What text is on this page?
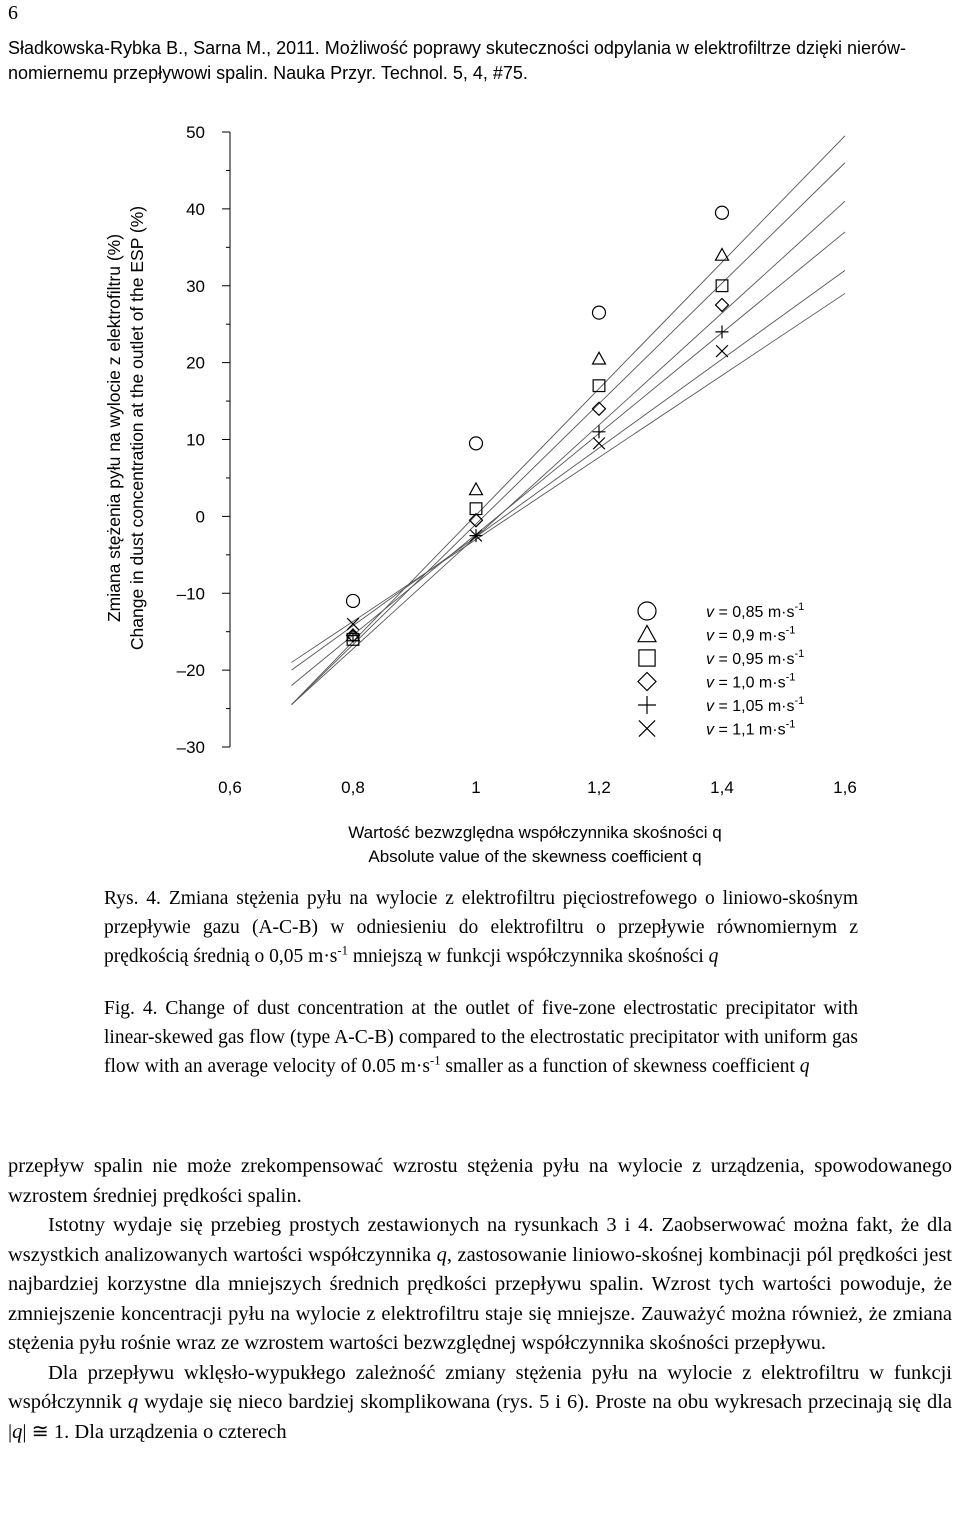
6
Sładkowska-Rybka B., Sarna M., 2011. Możliwość poprawy skuteczności odpylania w elektrofiltrze dzięki nierów-
nomiernemu przepływowi spalin. Nauka Przyr. Technol. 5, 4, #75.
Zmiana stężenia pyłu na wylocie z elektrofiltru (%) Change in dust concentration at the outlet of the ESP (%)
50
40
30
20
10
0
–10
–20
–30
0,6	0,8	1	1,2	1,4	1,6
v = 0,85 $m\cdot s^{-1}$
v = 0,9 $m\cdot s^{-1}$
v = 0,95 $m\cdot s^{-1}$
v = 1,0 $m\cdot s^{-1}$
v = 1,05 $m\cdot s^{-1}$
v = 1,1 $m\cdot s^{-1}$
Wartość bezwzględna współczynnika skośności q
Absolute value of the skewness coefficient q
Rys. 4. Zmiana stężenia pyłu na wylocie z elektrofiltru pięciostrefowego o liniowo-skośnym przepływie gazu (A-C-B) w odniesieniu do elektrofiltru o przepływie równomiernym z prędkością średnią o 0,05 $m\cdot s^{-1}$ mniejszą w funkcji współczynnika skośności q
Fig. 4. Change of dust concentration at the outlet of five-zone electrostatic precipitator with linear-skewed gas flow (type A-C-B) compared to the electrostatic precipitator with uniform gas flow with an average velocity of 0.05 $m\cdot s^{-1}$ smaller as a function of skewness coefficient q
przepływ spalin nie może zrekompensować wzrostu stężenia pyłu na wylocie z urządzenia, spowodowanego wzrostem średniej prędkości spalin.
Istotny wydaje się przebieg prostych zestawionych na rysunkach 3 i 4. Zaobserwować można fakt, że dla wszystkich analizowanych wartości współczynnika q, zastosowanie liniowo-skośnej kombinacji pól prędkości jest najbardziej korzystne dla mniejszych średnich prędkości przepływu spalin. Wzrost tych wartości powoduje, że zmniejszenie koncentracji pyłu na wylocie z elektrofiltru staje się mniejsze. Zauważyć można również, że zmiana stężenia pyłu rośnie wraz ze wzrostem wartości bezwzględnej współczynnika skośności przepływu.
Dla przepływu wklęsło-wypukłego zależność zmiany stężenia pyłu na wylocie z elektrofiltru w funkcji współczynnik q wydaje się nieco bardziej skomplikowana (rys. 5 i 6). Proste na obu wykresach przecinają się dla |q| ≅ 1. Dla urządzenia o czterech
